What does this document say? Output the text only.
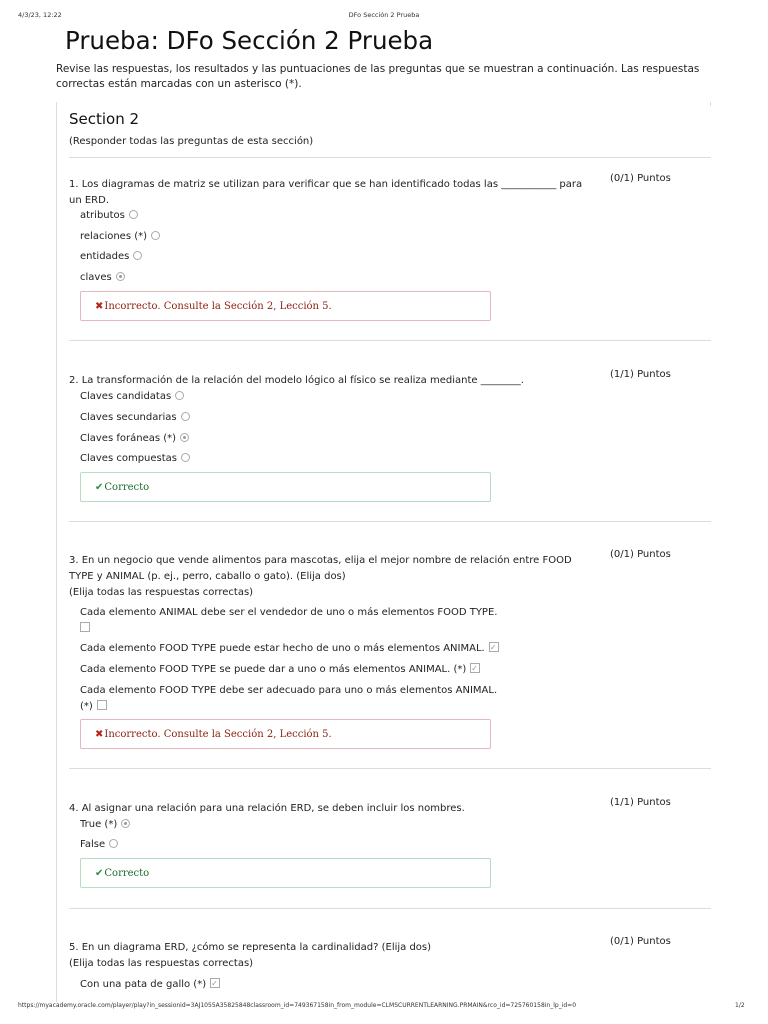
4/3/23, 12:22	DFo Sección 2 Prueba
Prueba: DFo Sección 2 Prueba

Revise las respuestas, los resultados y las puntuaciones de las preguntas que se muestran a continuación. Las respuestas correctas están marcadas con un asterisco (*).

Section 2
(Responder todas las preguntas de esta sección)

1. Los diagramas de matriz se utilizan para verificar que se han identificado todas las ___________ para un ERD.

(0/1) Puntos
atributos
relaciones (*)
entidades
claves
✖Incorrecto. Consulte la Sección 2, Lección 5.

2. La transformación de la relación del modelo lógico al físico se realiza mediante ________.

(1/1) Puntos
Claves candidatas
Claves secundarias
Claves foráneas (*)
Claves compuestas
✔Correcto

3. En un negocio que vende alimentos para mascotas, elija el mejor nombre de relación entre FOOD TYPE y ANIMAL (p. ej., perro, caballo o gato). (Elija dos)

(0/1) Puntos
(Elija todas las respuestas correctas)
Cada elemento ANIMAL debe ser el vendedor de uno o más elementos FOOD TYPE.

Cada elemento FOOD TYPE puede estar hecho de uno o más elementos ANIMAL.✓
Cada elemento FOOD TYPE se puede dar a uno o más elementos ANIMAL. (*)✓
Cada elemento FOOD TYPE debe ser adecuado para uno o más elementos ANIMAL. (*)
✖Incorrecto. Consulte la Sección 2, Lección 5.

4. Al asignar una relación para una relación ERD, se deben incluir los nombres.

(1/1) Puntos
True (*)
False
✔Correcto

5. En un diagrama ERD, ¿cómo se representa la cardinalidad? (Elija dos)

(0/1) Puntos
(Elija todas las respuestas correctas)
Con una pata de gallo (*)✓
https://myacademy.oracle.com/player/play?in_sessionid=3AJ1055A35825848classroom_id=749367158in_from_module=CLMSCURRENTLEARNING.PRMAIN&rco_id=725760158in_lp_id=0	1/2
